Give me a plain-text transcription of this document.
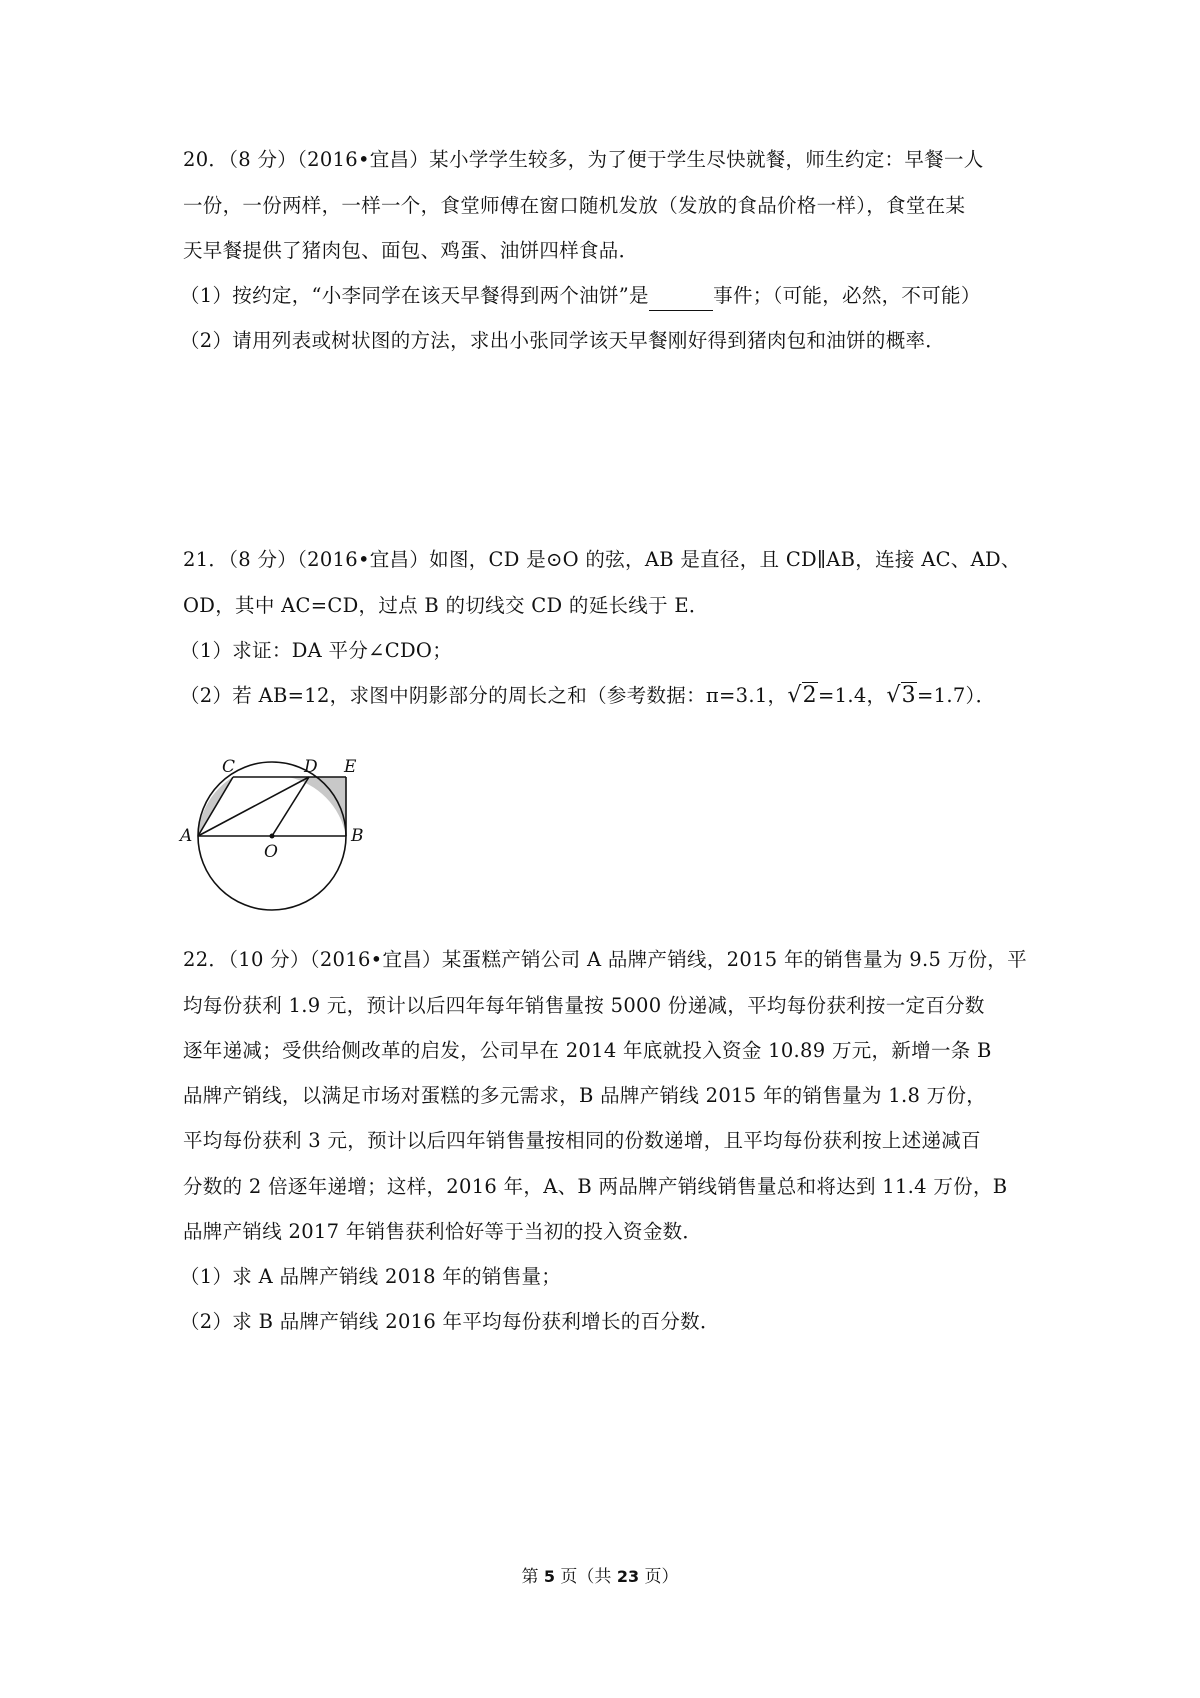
20．（8 分）（2016•宜昌）某小学学生较多，为了便于学生尽快就餐，师生约定：早餐一人
一份，一份两样，一样一个，食堂师傅在窗口随机发放（发放的食品价格一样），食堂在某
天早餐提供了猪肉包、面包、鸡蛋、油饼四样食品．
（1）按约定，“小李同学在该天早餐得到两个油饼”是	事件；（可能，必然，不可能）
（2）请用列表或树状图的方法，求出小张同学该天早餐刚好得到猪肉包和油饼的概率．
21．（8 分）（2016•宜昌）如图，CD 是⊙O 的弦，AB 是直径，且 CD∥AB，连接 AC、AD、
OD，其中 AC=CD，过点 B 的切线交 CD 的延长线于 E．
（1）求证：DA 平分∠CDO；
（2）若 AB=12，求图中阴影部分的周长之和（参考数据：π=3.1，√2=1.4，√3=1.7）．
C	D E
A
O
B
22．（10 分）（2016•宜昌）某蛋糕产销公司 A 品牌产销线，2015 年的销售量为 9.5 万份，平
均每份获利 1.9 元，预计以后四年每年销售量按 5000 份递减，平均每份获利按一定百分数
逐年递减；受供给侧改革的启发，公司早在 2014 年底就投入资金 10.89 万元，新增一条 B
品牌产销线，以满足市场对蛋糕的多元需求，B 品牌产销线 2015 年的销售量为 1.8 万份，
平均每份获利 3 元，预计以后四年销售量按相同的份数递增，且平均每份获利按上述递减百
分数的 2 倍逐年递增；这样，2016 年，A、B 两品牌产销线销售量总和将达到 11.4 万份，B
品牌产销线 2017 年销售获利恰好等于当初的投入资金数．
（1）求 A 品牌产销线 2018 年的销售量；
（2）求 B 品牌产销线 2016 年平均每份获利增长的百分数．
第 5 页（共 23 页）
